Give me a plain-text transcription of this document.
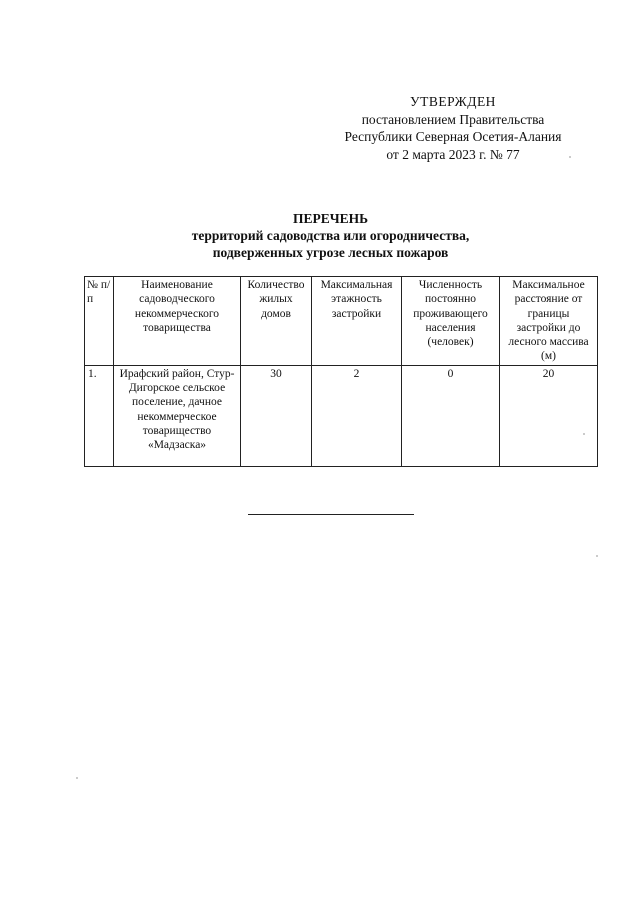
УТВЕРЖДЕН
постановлением Правительства
Республики Северная Осетия-Алания
от 2 марта 2023 г. № 77
ПЕРЕЧЕНЬ
территорий садоводства или огородничества,
подверженных угрозе лесных пожаров
№ п/п	Наименование садоводческого некоммерческого товарищества	Количество жилых домов	Максимальная этажность застройки	Численность постоянно проживающего населения (человек)	Максимальное расстояние от границы застройки до лесного массива (м)
1.	Ирафский район, Стур-Дигорское сельское поселение, дачное некоммерческое товарищество «Мадзаска»	30	2	0	20
